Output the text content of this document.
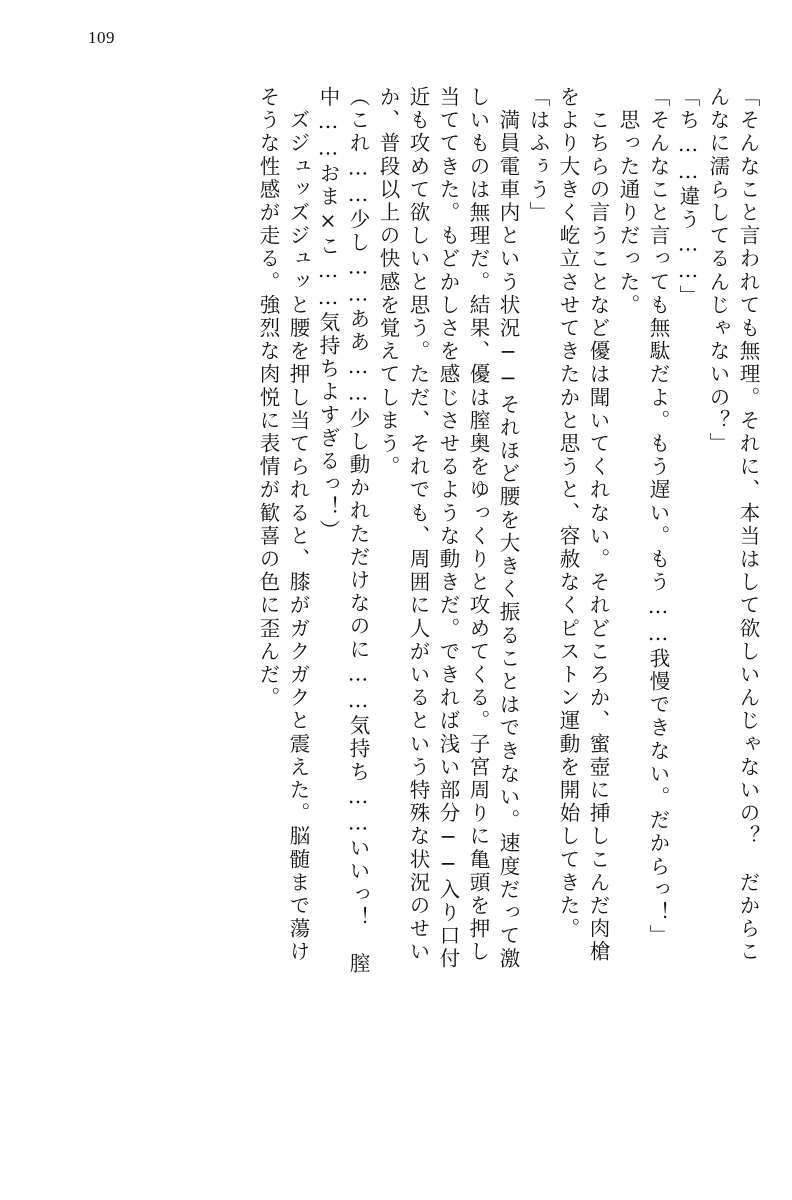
109
「そんなこと言われても無理。それに、本当はして欲しいんじゃないの？　だからこ
んなに濡らしてるんじゃないの？」
「ち……違う……」
「そんなこと言っても無駄だよ。もう遅い。もう……我慢できない。だからっ！」
　思った通りだった。
　こちらの言うことなど優は聞いてくれない。それどころか、蜜壺に挿しこんだ肉槍
をより大きく屹立させてきたかと思うと、容赦なくピストン運動を開始してきた。
「はふぅう」
　満員電車内という状況──それほど腰を大きく振ることはできない。速度だって激
しいものは無理だ。結果、優は膣奥をゆっくりと攻めてくる。子宮周りに亀頭を押し
当ててきた。もどかしさを感じさせるような動きだ。できれば浅い部分──入り口付
近も攻めて欲しいと思う。ただ、それでも、周囲に人がいるという特殊な状況のせい
か、普段以上の快感を覚えてしまう。
（これ……少し……ああ……少し動かれただけなのに……気持ち……いいっ！　膣
中……おま×こ……気持ちよすぎるっ！）
　ズジュッズジュッと腰を押し当てられると、膝がガクガクと震えた。脳髄まで蕩け
そうな性感が走る。強烈な肉悦に表情が歓喜の色に歪んだ。
